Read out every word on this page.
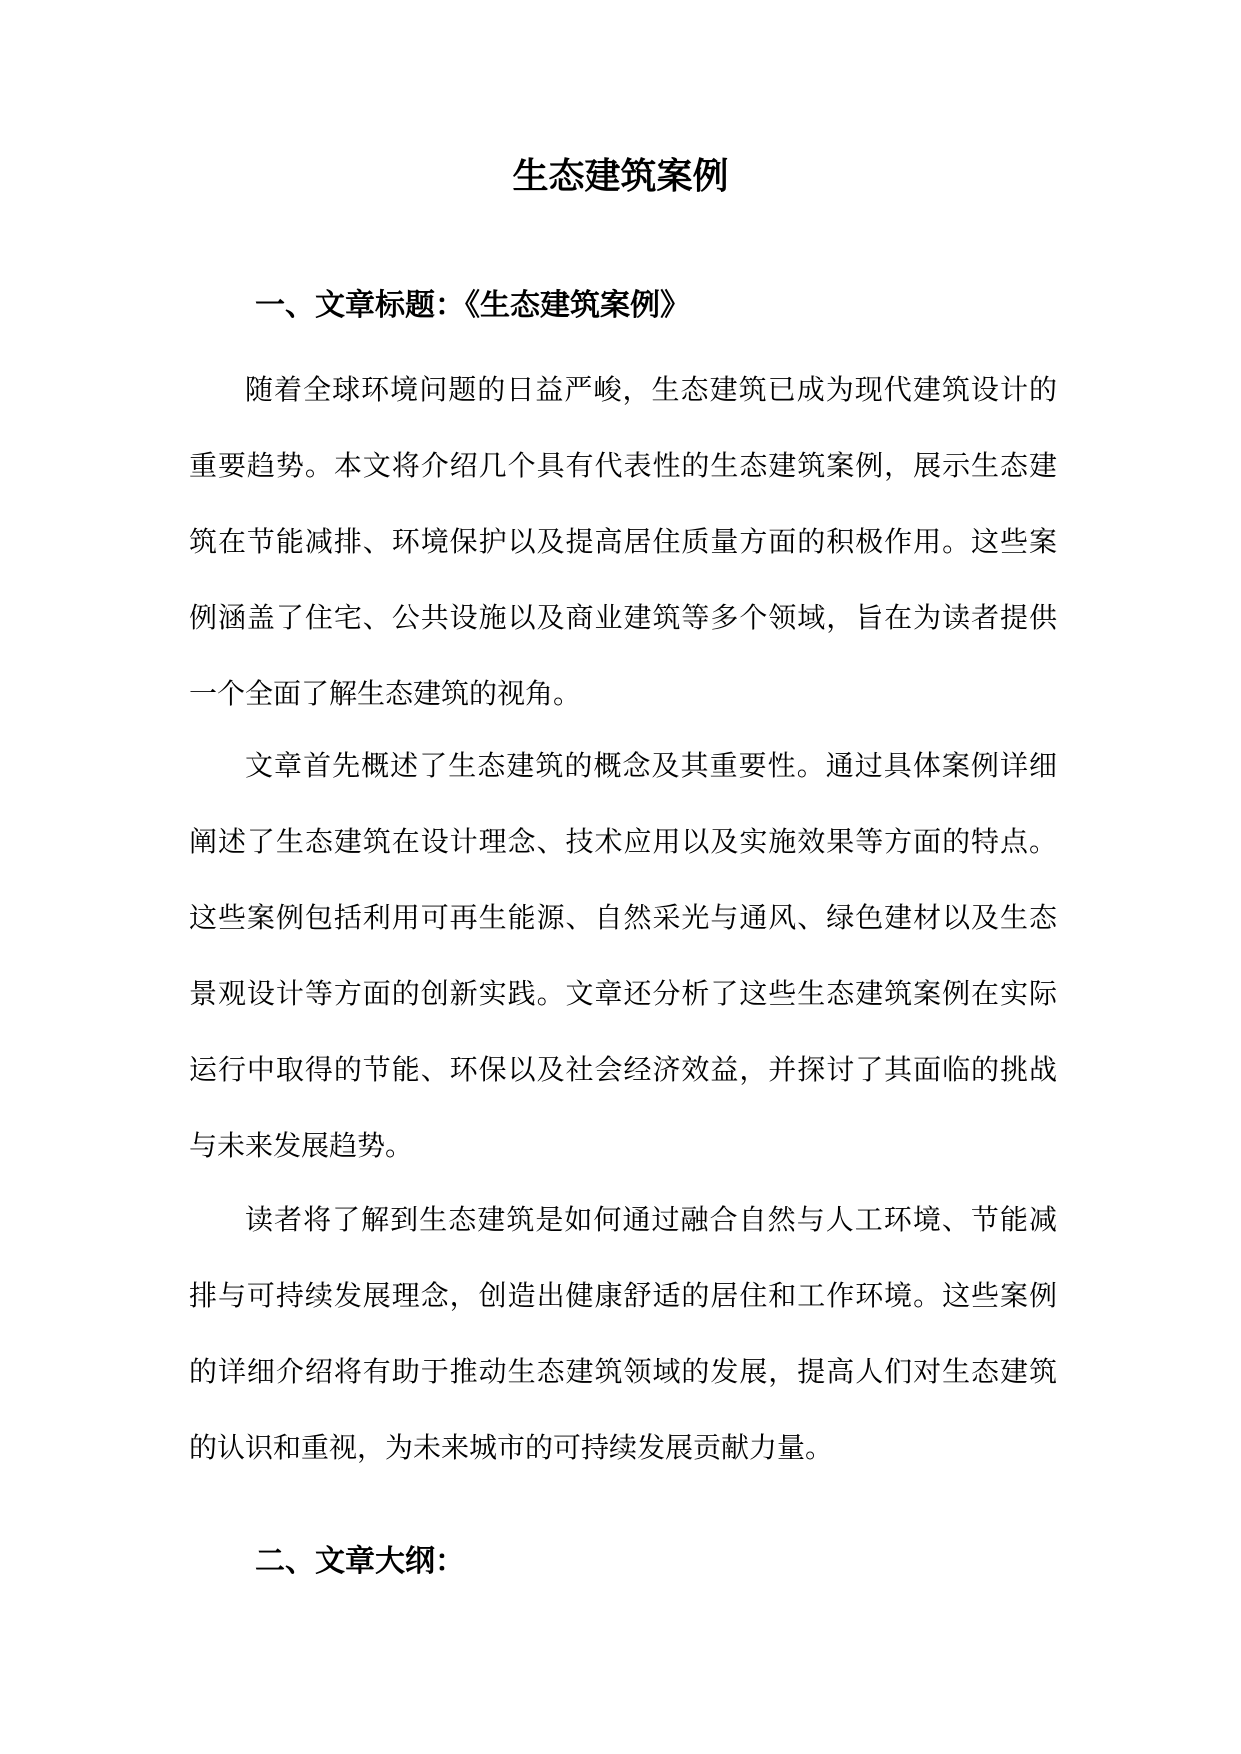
生态建筑案例
一、文章标题：《生态建筑案例》
随着全球环境问题的日益严峻，生态建筑已成为现代建筑设计的
重要趋势。本文将介绍几个具有代表性的生态建筑案例，展示生态建
筑在节能减排、环境保护以及提高居住质量方面的积极作用。这些案
例涵盖了住宅、公共设施以及商业建筑等多个领域，旨在为读者提供
一个全面了解生态建筑的视角。
文章首先概述了生态建筑的概念及其重要性。通过具体案例详细
阐述了生态建筑在设计理念、技术应用以及实施效果等方面的特点。
这些案例包括利用可再生能源、自然采光与通风、绿色建材以及生态
景观设计等方面的创新实践。文章还分析了这些生态建筑案例在实际
运行中取得的节能、环保以及社会经济效益，并探讨了其面临的挑战
与未来发展趋势。
读者将了解到生态建筑是如何通过融合自然与人工环境、节能减
排与可持续发展理念，创造出健康舒适的居住和工作环境。这些案例
的详细介绍将有助于推动生态建筑领域的发展，提高人们对生态建筑
的认识和重视，为未来城市的可持续发展贡献力量。
二、文章大纲：
